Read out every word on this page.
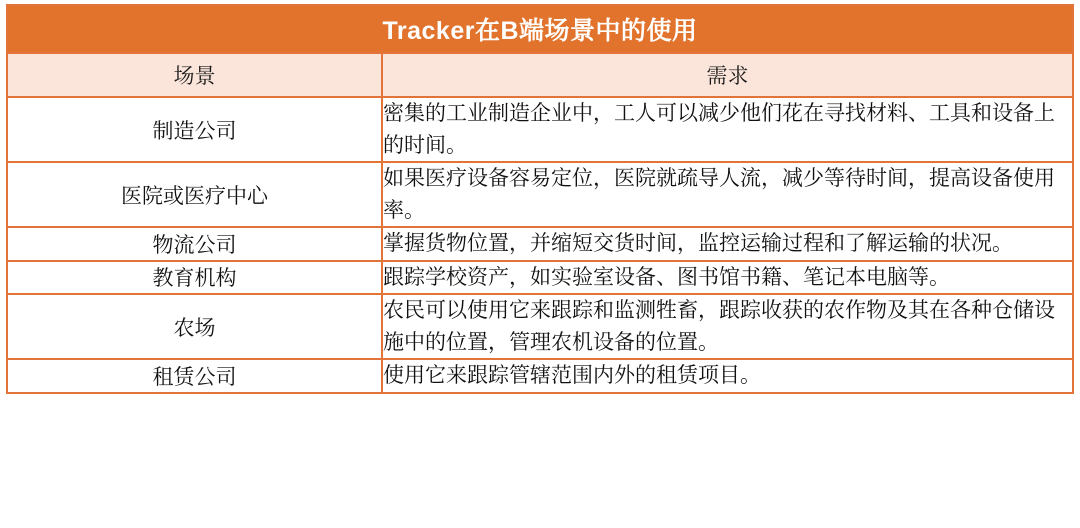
Tracker在B端场景中的使用	
场景	需求
制造公司	密集的工业制造企业中，工人可以减少他们花在寻找材料、工具和设备上的时间。
医院或医疗中心	如果医疗设备容易定位，医院就疏导人流，减少等待时间，提高设备使用率。
物流公司	掌握货物位置，并缩短交货时间，监控运输过程和了解运输的状况。
教育机构	跟踪学校资产，如实验室设备、图书馆书籍、笔记本电脑等。
农场	农民可以使用它来跟踪和监测牲畜，跟踪收获的农作物及其在各种仓储设施中的位置，管理农机设备的位置。
租赁公司	使用它来跟踪管辖范围内外的租赁项目。
